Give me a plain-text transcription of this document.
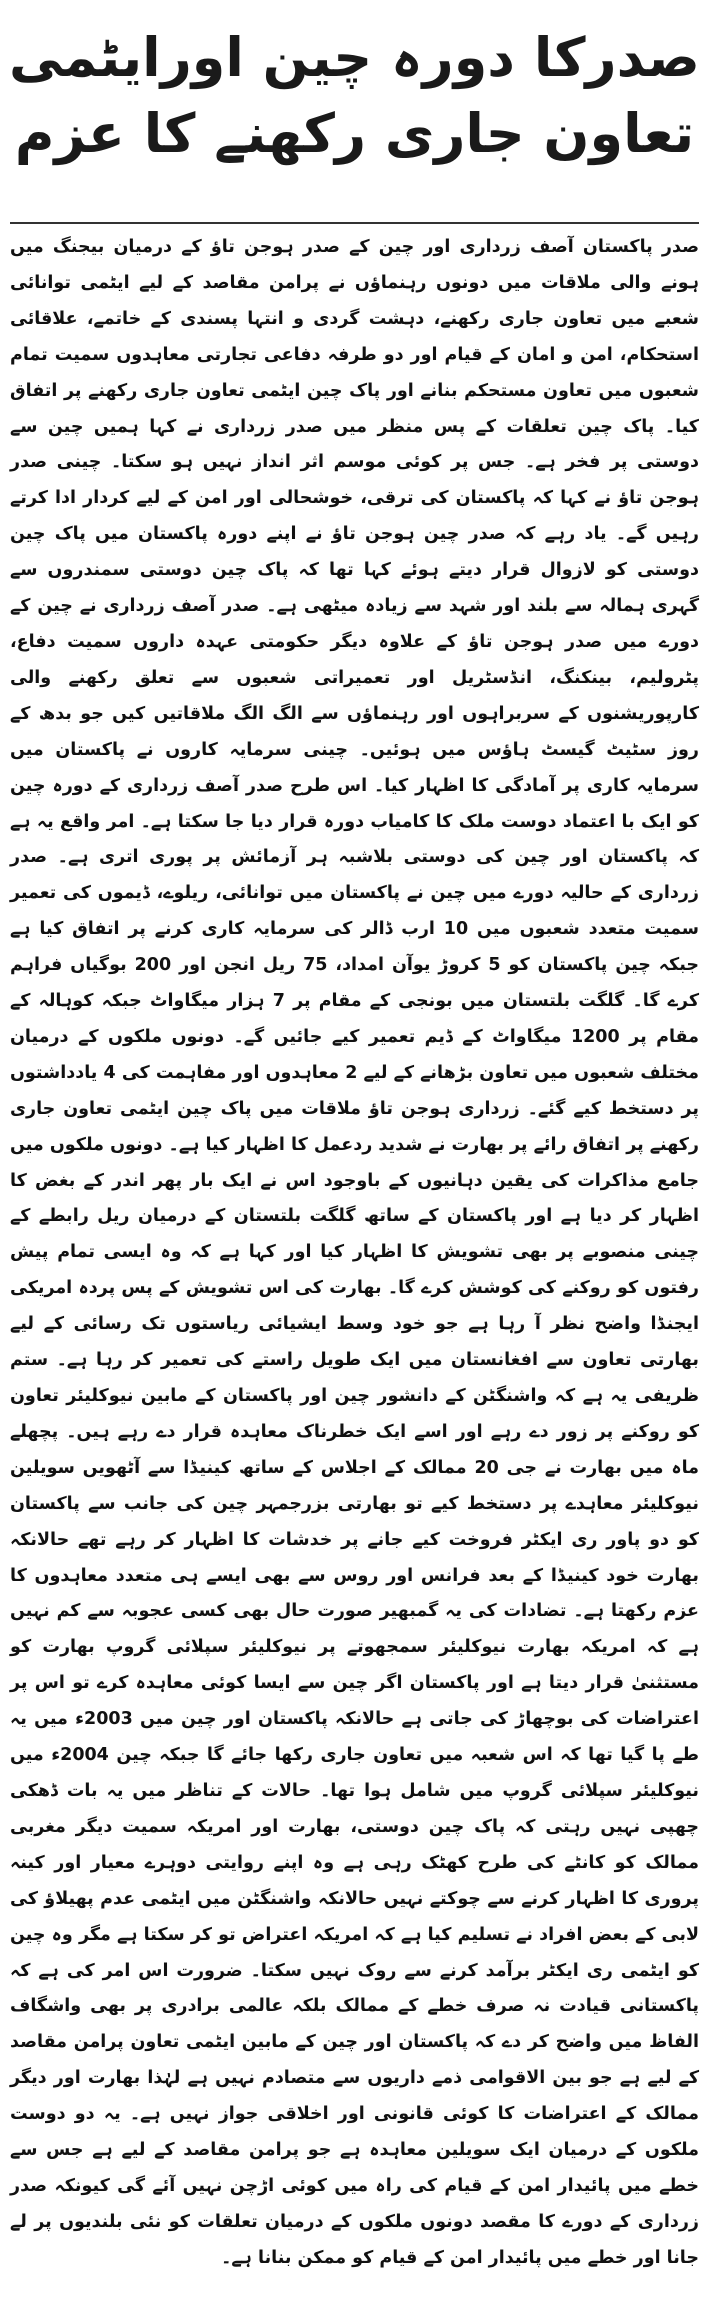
صدرکا دورہ چین اورایٹمی
تعاون جاری رکھنے کا عزم

صدر پاکستان آصف زرداری اور چین کے صدر ہوجن تاؤ کے درمیان بیجنگ میں ہونے والی ملاقات میں دونوں رہنماؤں نے پرامن مقاصد کے لیے ایٹمی توانائی شعبے میں تعاون جاری رکھنے، دہشت گردی و انتہا پسندی کے خاتمے، علاقائی استحکام، امن و امان کے قیام اور دو طرفہ دفاعی تجارتی معاہدوں سمیت تمام شعبوں میں تعاون مستحکم بنانے اور پاک چین ایٹمی تعاون جاری رکھنے پر اتفاق کیا۔ پاک چین تعلقات کے پس منظر میں صدر زرداری نے کہا ہمیں چین سے دوستی پر فخر ہے۔ جس پر کوئی موسم اثر انداز نہیں ہو سکتا۔ چینی صدر ہوجن تاؤ نے کہا کہ پاکستان کی ترقی، خوشحالی اور امن کے لیے کردار ادا کرتے رہیں گے۔ یاد رہے کہ صدر چین ہوجن تاؤ نے اپنے دورہ پاکستان میں پاک چین دوستی کو لازوال قرار دیتے ہوئے کہا تھا کہ پاک چین دوستی سمندروں سے گہری ہمالہ سے بلند اور شہد سے زیادہ میٹھی ہے۔ صدر آصف زرداری نے چین کے دورے میں صدر ہوجن تاؤ کے علاوہ دیگر حکومتی عہدہ داروں سمیت دفاع، پٹرولیم، بینکنگ، انڈسٹریل اور تعمیراتی شعبوں سے تعلق رکھنے والی کارپوریشنوں کے سربراہوں اور رہنماؤں سے الگ الگ ملاقاتیں کیں جو بدھ کے روز سٹیٹ گیسٹ ہاؤس میں ہوئیں۔ چینی سرمایہ کاروں نے پاکستان میں سرمایہ کاری پر آمادگی کا اظہار کیا۔ اس طرح صدر آصف زرداری کے دورہ چین کو ایک با اعتماد دوست ملک کا کامیاب دورہ قرار دیا جا سکتا ہے۔ امر واقع یہ ہے کہ پاکستان اور چین کی دوستی بلاشبہ ہر آزمائش پر پوری اتری ہے۔ صدر زرداری کے حالیہ دورے میں چین نے پاکستان میں توانائی، ریلوے، ڈیموں کی تعمیر سمیت متعدد شعبوں میں 10 ارب ڈالر کی سرمایہ کاری کرنے پر اتفاق کیا ہے جبکہ چین پاکستان کو 5 کروڑ یوآن امداد، 75 ریل انجن اور 200 بوگیاں فراہم کرے گا۔ گلگت بلتستان میں بونجی کے مقام پر 7 ہزار میگاواٹ جبکہ کوہالہ کے مقام پر 1200 میگاواٹ کے ڈیم تعمیر کیے جائیں گے۔ دونوں ملکوں کے درمیان مختلف شعبوں میں تعاون بڑھانے کے لیے 2 معاہدوں اور مفاہمت کی 4 یادداشتوں پر دستخط کیے گئے۔ زرداری ہوجن تاؤ ملاقات میں پاک چین ایٹمی تعاون جاری رکھنے پر اتفاق رائے پر بھارت نے شدید ردعمل کا اظہار کیا ہے۔ دونوں ملکوں میں جامع مذاکرات کی یقین دہانیوں کے باوجود اس نے ایک بار پھر اندر کے بغض کا اظہار کر دیا ہے اور پاکستان کے ساتھ گلگت بلتستان کے درمیان ریل رابطے کے چینی منصوبے پر بھی تشویش کا اظہار کیا اور کہا ہے کہ وہ ایسی تمام پیش رفتوں کو روکنے کی کوشش کرے گا۔ بھارت کی اس تشویش کے پس پردہ امریکی ایجنڈا واضح نظر آ رہا ہے جو خود وسط ایشیائی ریاستوں تک رسائی کے لیے بھارتی تعاون سے افغانستان میں ایک طویل راستے کی تعمیر کر رہا ہے۔ ستم ظریفی یہ ہے کہ واشنگٹن کے دانشور چین اور پاکستان کے مابین نیوکلیئر تعاون کو روکنے پر زور دے رہے اور اسے ایک خطرناک معاہدہ قرار دے رہے ہیں۔ پچھلے ماہ میں بھارت نے جی 20 ممالک کے اجلاس کے ساتھ کینیڈا سے آٹھویں سویلین نیوکلیئر معاہدے پر دستخط کیے تو بھارتی بزرجمہر چین کی جانب سے پاکستان کو دو پاور ری ایکٹر فروخت کیے جانے پر خدشات کا اظہار کر رہے تھے حالانکہ بھارت خود کینیڈا کے بعد فرانس اور روس سے بھی ایسے ہی متعدد معاہدوں کا عزم رکھتا ہے۔ تضادات کی یہ گمبھیر صورت حال بھی کسی عجوبہ سے کم نہیں ہے کہ امریکہ بھارت نیوکلیئر سمجھوتے پر نیوکلیئر سپلائی گروپ بھارت کو مستثنیٰ قرار دیتا ہے اور پاکستان اگر چین سے ایسا کوئی معاہدہ کرے تو اس پر اعتراضات کی بوچھاڑ کی جاتی ہے حالانکہ پاکستان اور چین میں 2003ء میں یہ طے پا گیا تھا کہ اس شعبہ میں تعاون جاری رکھا جائے گا جبکہ چین 2004ء میں نیوکلیئر سپلائی گروپ میں شامل ہوا تھا۔ حالات کے تناظر میں یہ بات ڈھکی چھپی نہیں رہتی کہ پاک چین دوستی، بھارت اور امریکہ سمیت دیگر مغربی ممالک کو کانٹے کی طرح کھٹک رہی ہے وہ اپنے روایتی دوہرے معیار اور کینہ پروری کا اظہار کرنے سے چوکتے نہیں حالانکہ واشنگٹن میں ایٹمی عدم پھیلاؤ کی لابی کے بعض افراد نے تسلیم کیا ہے کہ امریکہ اعتراض تو کر سکتا ہے مگر وہ چین کو ایٹمی ری ایکٹر برآمد کرنے سے روک نہیں سکتا۔ ضرورت اس امر کی ہے کہ پاکستانی قیادت نہ صرف خطے کے ممالک بلکہ عالمی برادری پر بھی واشگاف الفاظ میں واضح کر دے کہ پاکستان اور چین کے مابین ایٹمی تعاون پرامن مقاصد کے لیے ہے جو بین الاقوامی ذمے داریوں سے متصادم نہیں ہے لہٰذا بھارت اور دیگر ممالک کے اعتراضات کا کوئی قانونی اور اخلاقی جواز نہیں ہے۔ یہ دو دوست ملکوں کے درمیان ایک سویلین معاہدہ ہے جو پرامن مقاصد کے لیے ہے جس سے خطے میں پائیدار امن کے قیام کی راہ میں کوئی اڑچن نہیں آئے گی کیونکہ صدر زرداری کے دورے کا مقصد دونوں ملکوں کے درمیان تعلقات کو نئی بلندیوں پر لے جانا اور خطے میں پائیدار امن کے قیام کو ممکن بنانا ہے۔
